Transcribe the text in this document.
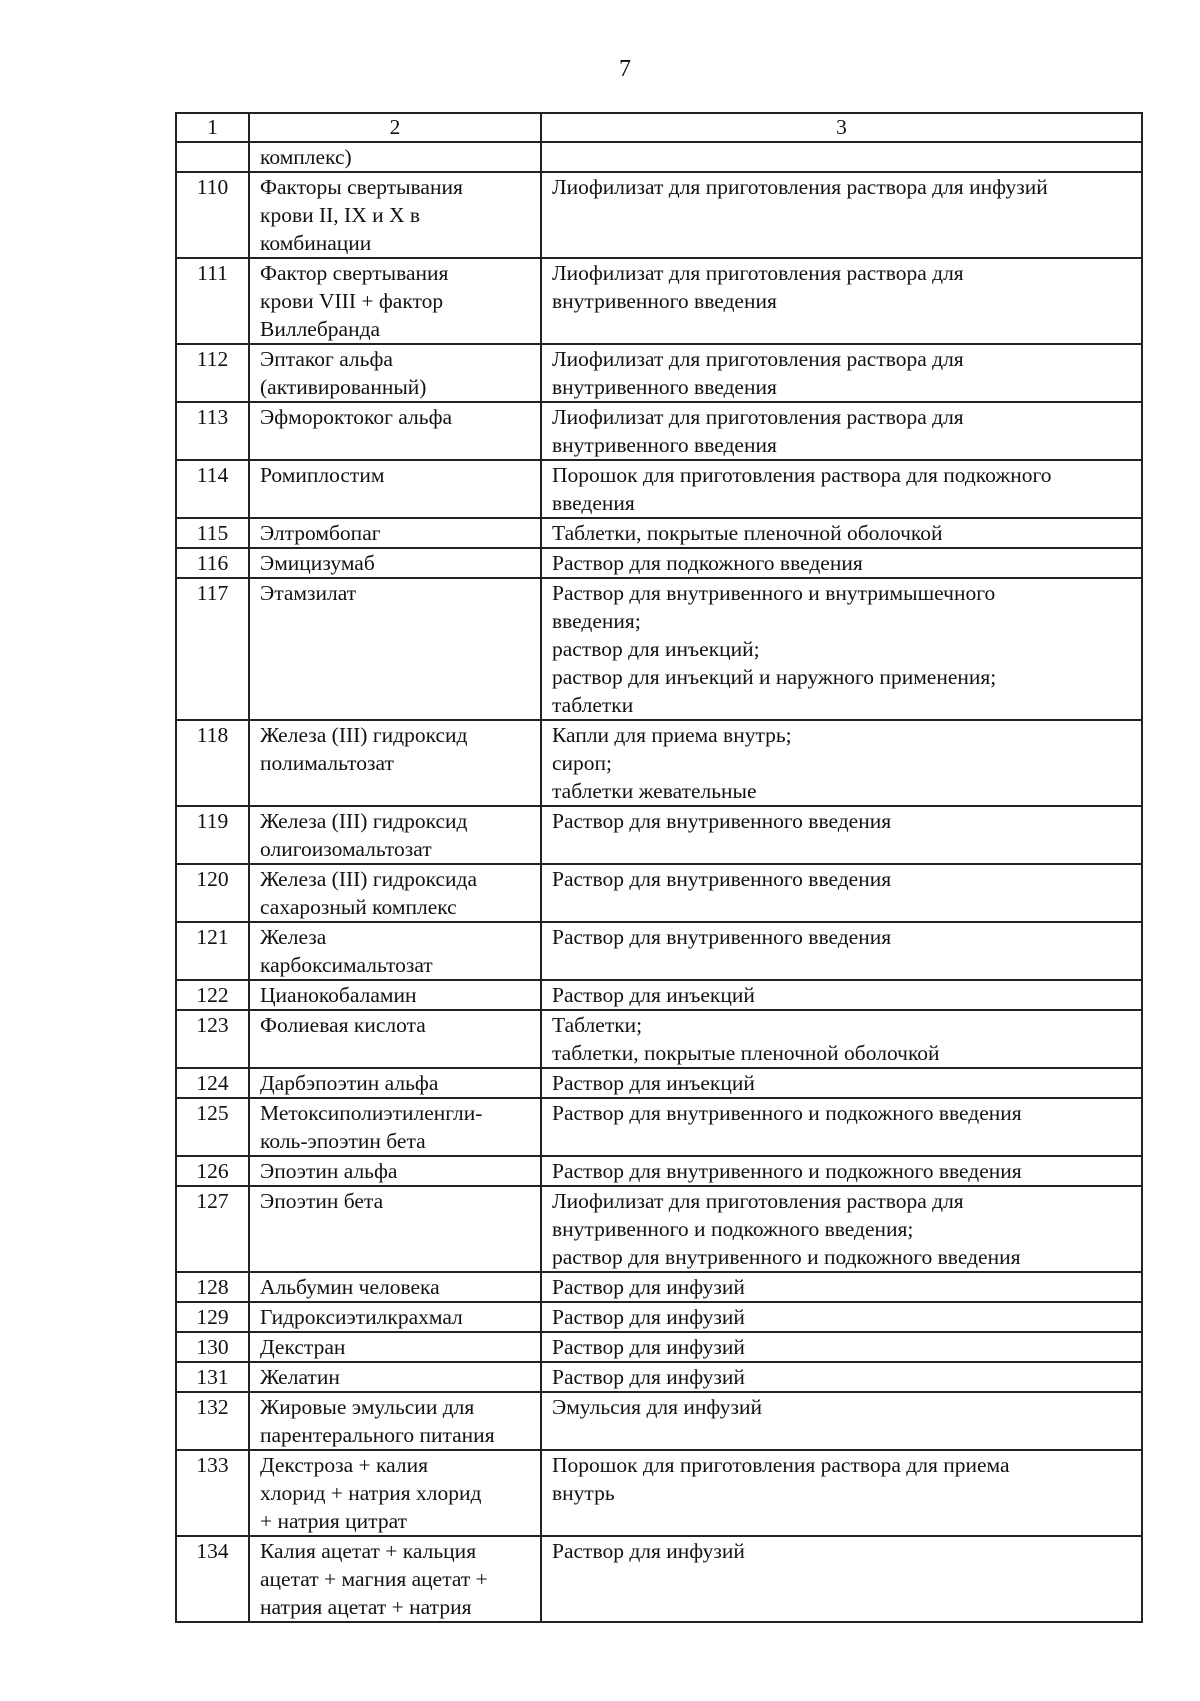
7
1	2	3

	комплекс)	

110	Факторы свертывания
крови II, IX и X в
комбинации	Лиофилизат для приготовления раствора для инфузий

111	Фактор свертывания
крови VIII + фактор
Виллебранда	Лиофилизат для приготовления раствора для
внутривенного введения

112	Эптаког альфа
(активированный)	Лиофилизат для приготовления раствора для
внутривенного введения

113	Эфмороктоког альфа	Лиофилизат для приготовления раствора для
внутривенного введения

114	Ромиплостим	Порошок для приготовления раствора для подкожного
введения

115	Элтромбопаг	Таблетки, покрытые пленочной оболочкой

116	Эмицизумаб	Раствор для подкожного введения

117	Этамзилат	Раствор для внутривенного и внутримышечного
введения;
раствор для инъекций;
раствор для инъекций и наружного применения;
таблетки

118	Железа (III) гидроксид
полимальтозат	Капли для приема внутрь;
сироп;
таблетки жевательные

119	Железа (III) гидроксид
олигоизомальтозат	Раствор для внутривенного введения

120	Железа (III) гидроксида
сахарозный комплекс	Раствор для внутривенного введения

121	Железа
карбоксимальтозат	Раствор для внутривенного введения

122	Цианокобаламин	Раствор для инъекций

123	Фолиевая кислота	Таблетки;
таблетки, покрытые пленочной оболочкой

124	Дарбэпоэтин альфа	Раствор для инъекций

125	Метоксиполиэтиленгли-
коль-эпоэтин бета	Раствор для внутривенного и подкожного введения

126	Эпоэтин альфа	Раствор для внутривенного и подкожного введения

127	Эпоэтин бета	Лиофилизат для приготовления раствора для
внутривенного и подкожного введения;
раствор для внутривенного и подкожного введения

128	Альбумин человека	Раствор для инфузий

129	Гидроксиэтилкрахмал	Раствор для инфузий

130	Декстран	Раствор для инфузий

131	Желатин	Раствор для инфузий

132	Жировые эмульсии для
парентерального питания	Эмульсия для инфузий

133	Декстроза + калия
хлорид + натрия хлорид
+ натрия цитрат	Порошок для приготовления раствора для приема
внутрь

134	Калия ацетат + кальция
ацетат + магния ацетат +
натрия ацетат + натрия	Раствор для инфузий
